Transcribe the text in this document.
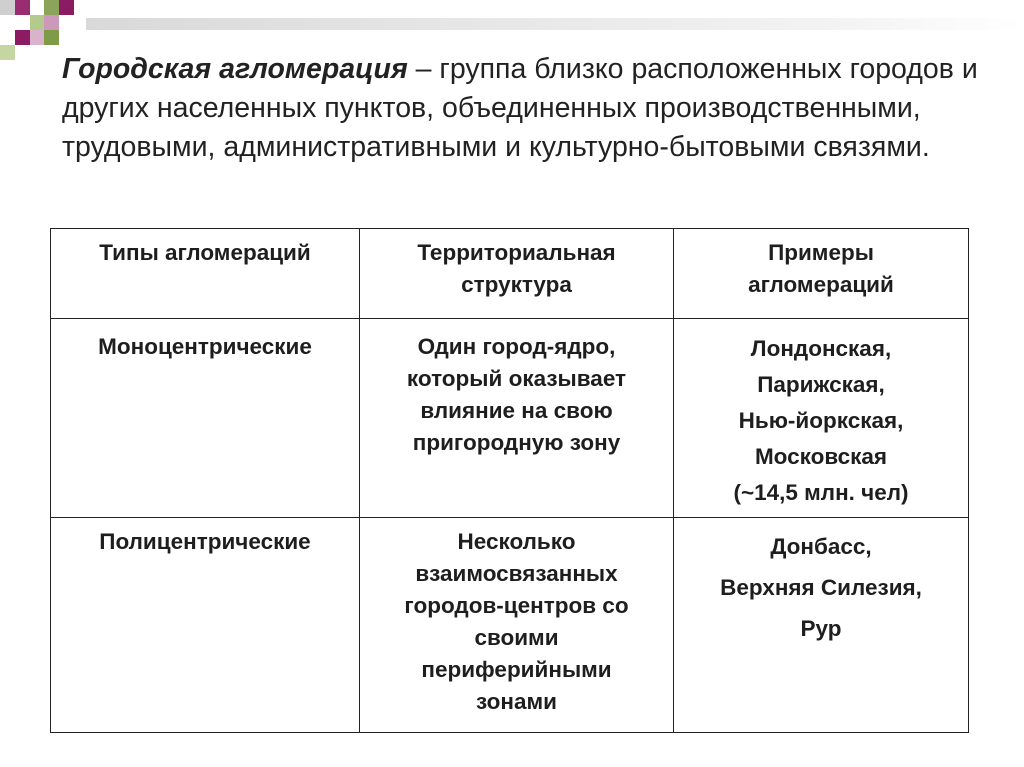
Городская агломерация – группа близко расположенных городов и других населенных пунктов, объединенных производственными, трудовыми, административными и культурно-бытовыми связями.
Типы агломераций	Территориальная структура	Примеры агломераций

Моноцентрические	Один город-ядро, который оказывает влияние на свою пригородную зону	Лондонская,
Парижская,
Нью-йоркская,
Московская
(~14,5 млн. чел)

Полицентрические	Несколько взаимосвязанных городов-центров со своими периферийными зонами	Донбасс,
Верхняя Силезия,
Рур
